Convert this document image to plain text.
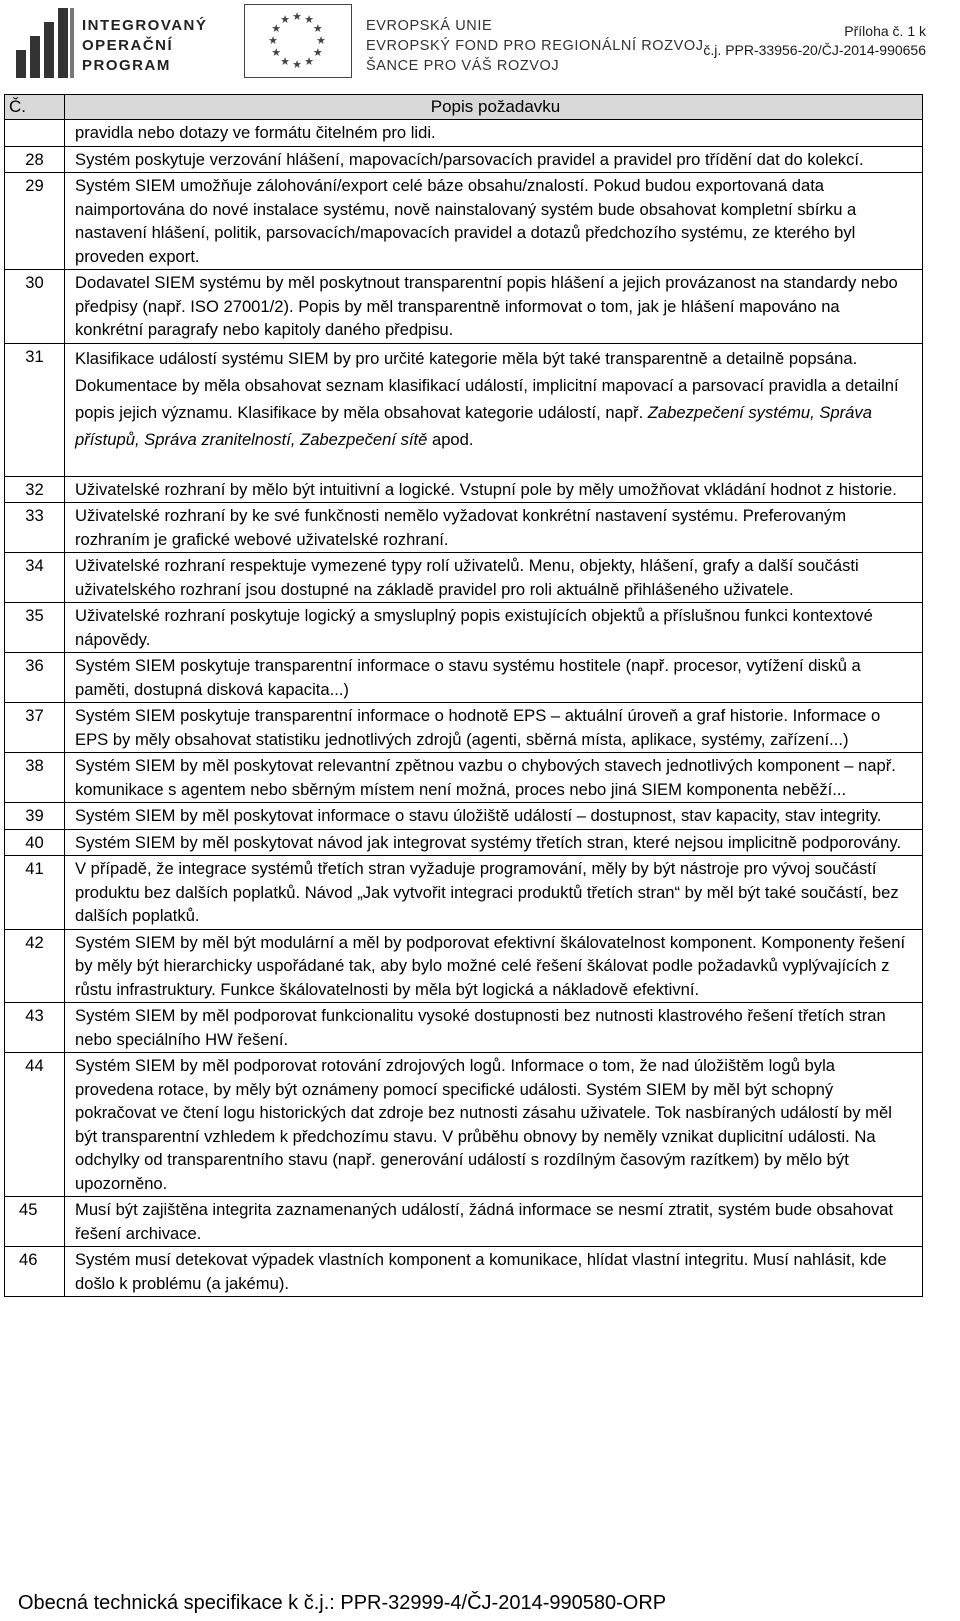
INTEGROVANÝ
OPERAČNÍ
PROGRAM
★ ★
★
★
★
★
★
★
★
★
★
★	EVROPSKÁ UNIE
EVROPSKÝ FOND PRO REGIONÁLNÍ ROZVOJ
ŠANCE PRO VÁŠ ROZVOJ
Příloha č. 1 k
č.j. PPR-33956-20/ČJ-2014-990656
Č.	Popis požadavku
	pravidla nebo dotazy ve formátu čitelném pro lidi.
28	Systém poskytuje verzování hlášení, mapovacích/parsovacích pravidel a pravidel pro třídění dat do kolekcí.
29	Systém SIEM umožňuje zálohování/export celé báze obsahu/znalostí. Pokud budou exportovaná data naimportována do nové instalace systému, nově nainstalovaný systém bude obsahovat kompletní sbírku a nastavení hlášení, politik, parsovacích/mapovacích pravidel a dotazů předchozího systému, ze kterého byl proveden export.
30	Dodavatel SIEM systému by měl poskytnout transparentní popis hlášení a jejich provázanost na standardy nebo předpisy (např. ISO 27001/2). Popis by měl transparentně informovat o tom, jak je hlášení mapováno na konkrétní paragrafy nebo kapitoly daného předpisu.
31	Klasifikace událostí systému SIEM by pro určité kategorie měla být také transparentně a detailně popsána. Dokumentace by měla obsahovat seznam klasifikací událostí, implicitní mapovací a parsovací pravidla a detailní popis jejich významu. Klasifikace by měla obsahovat kategorie událostí, např. Zabezpečení systému, Správa přístupů, Správa zranitelností, Zabezpečení sítě apod.
32	Uživatelské rozhraní by mělo být intuitivní a logické. Vstupní pole by měly umožňovat vkládání hodnot z historie.
33	Uživatelské rozhraní by ke své funkčnosti nemělo vyžadovat konkrétní nastavení systému. Preferovaným rozhraním je grafické webové uživatelské rozhraní.
34	Uživatelské rozhraní respektuje vymezené typy rolí uživatelů. Menu, objekty, hlášení, grafy a další součásti uživatelského rozhraní jsou dostupné na základě pravidel pro roli aktuálně přihlášeného uživatele.
35	Uživatelské rozhraní poskytuje logický a smysluplný popis existujících objektů a příslušnou funkci kontextové nápovědy.
36	Systém SIEM poskytuje transparentní informace o stavu systému hostitele (např. procesor, vytížení disků a paměti, dostupná disková kapacita...)
37	Systém SIEM poskytuje transparentní informace o hodnotě EPS – aktuální úroveň a graf historie. Informace o EPS by měly obsahovat statistiku jednotlivých zdrojů (agenti, sběrná místa, aplikace, systémy, zařízení...)
38	Systém SIEM by měl poskytovat relevantní zpětnou vazbu o chybových stavech jednotlivých komponent – např. komunikace s agentem nebo sběrným místem není možná, proces nebo jiná SIEM komponenta neběží...
39	Systém SIEM by měl poskytovat informace o stavu úložiště událostí – dostupnost, stav kapacity, stav integrity.
40	Systém SIEM by měl poskytovat návod jak integrovat systémy třetích stran, které nejsou implicitně podporovány.
41	V případě, že integrace systémů třetích stran vyžaduje programování, měly by být nástroje pro vývoj součástí produktu bez dalších poplatků. Návod „Jak vytvořit integraci produktů třetích stran“ by měl být také součástí, bez dalších poplatků.
42	Systém SIEM by měl být modulární a měl by podporovat efektivní škálovatelnost komponent. Komponenty řešení by měly být hierarchicky uspořádané tak, aby bylo možné celé řešení škálovat podle požadavků vyplývajících z růstu infrastruktury. Funkce škálovatelnosti by měla být logická a nákladově efektivní.
43	Systém SIEM by měl podporovat funkcionalitu vysoké dostupnosti bez nutnosti klastrového řešení třetích stran nebo speciálního HW řešení.
44	Systém SIEM by měl podporovat rotování zdrojových logů. Informace o tom, že nad úložištěm logů byla provedena rotace, by měly být oznámeny pomocí specifické události. Systém SIEM by měl být schopný pokračovat ve čtení logu historických dat zdroje bez nutnosti zásahu uživatele. Tok nasbíraných událostí by měl být transparentní vzhledem k předchozímu stavu. V průběhu obnovy by neměly vznikat duplicitní události. Na odchylky od transparentního stavu (např. generování událostí s rozdílným časovým razítkem) by mělo být upozorněno.
45	Musí být zajištěna integrita zaznamenaných událostí, žádná informace se nesmí ztratit, systém bude obsahovat řešení archivace.
46	Systém musí detekovat výpadek vlastních komponent a komunikace, hlídat vlastní integritu. Musí nahlásit, kde došlo k problému (a jakému).
Obecná technická specifikace k č.j.: PPR-32999-4/ČJ-2014-990580-ORP
